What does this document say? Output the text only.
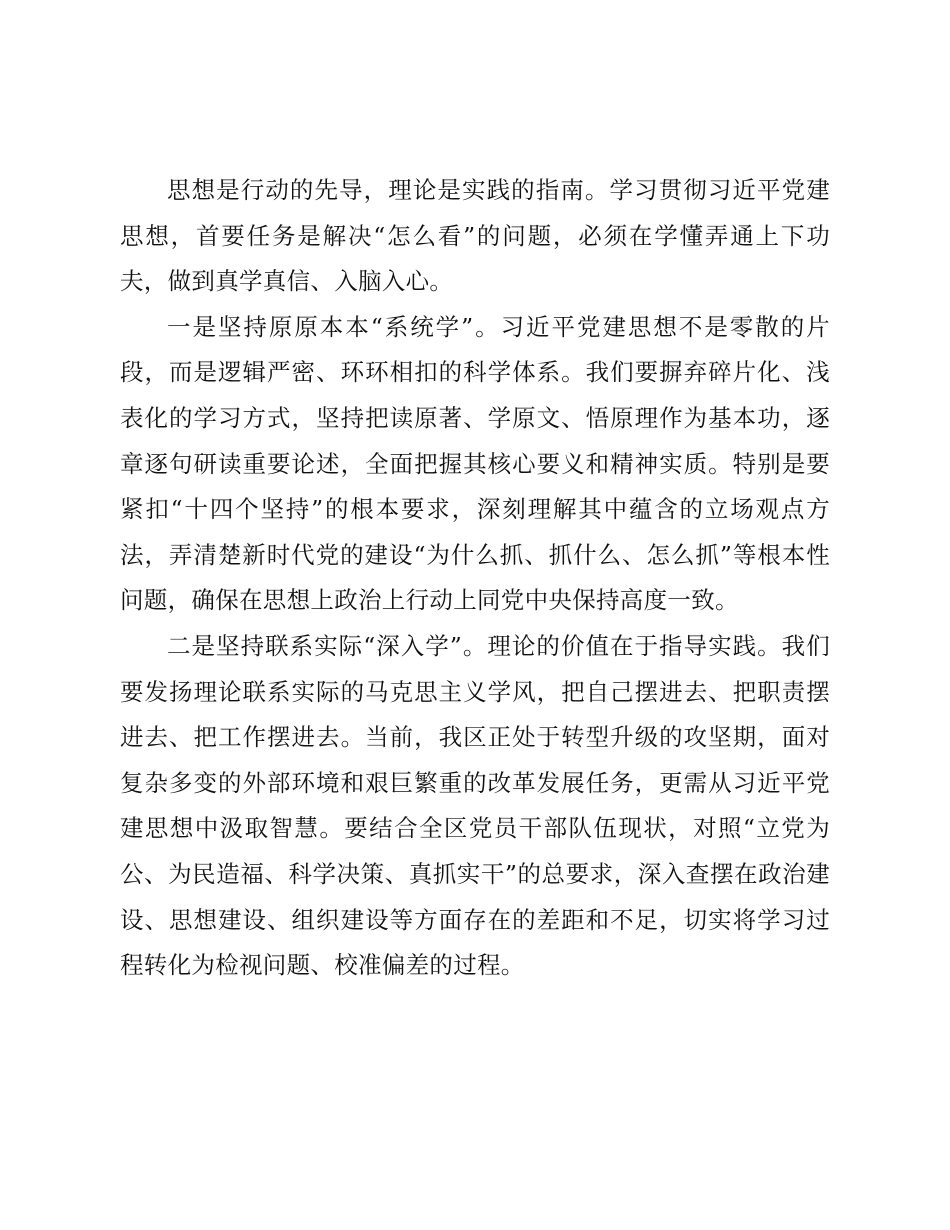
思想是行动的先导，理论是实践的指南。学习贯彻习近平党建思想，首要任务是解决“怎么看”的问题，必须在学懂弄通上下功夫，做到真学真信、入脑入心。

一是坚持原原本本“系统学”。习近平党建思想不是零散的片段，而是逻辑严密、环环相扣的科学体系。我们要摒弃碎片化、浅表化的学习方式，坚持把读原著、学原文、悟原理作为基本功，逐章逐句研读重要论述，全面把握其核心要义和精神实质。特别是要紧扣“十四个坚持”的根本要求，深刻理解其中蕴含的立场观点方法，弄清楚新时代党的建设“为什么抓、抓什么、怎么抓”等根本性问题，确保在思想上政治上行动上同党中央保持高度一致。

二是坚持联系实际“深入学”。理论的价值在于指导实践。我们要发扬理论联系实际的马克思主义学风，把自己摆进去、把职责摆进去、把工作摆进去。当前，我区正处于转型升级的攻坚期，面对复杂多变的外部环境和艰巨繁重的改革发展任务，更需从习近平党建思想中汲取智慧。要结合全区党员干部队伍现状，对照“立党为公、为民造福、科学决策、真抓实干”的总要求，深入查摆在政治建设、思想建设、组织建设等方面存在的差距和不足，切实将学习过程转化为检视问题、校准偏差的过程。
